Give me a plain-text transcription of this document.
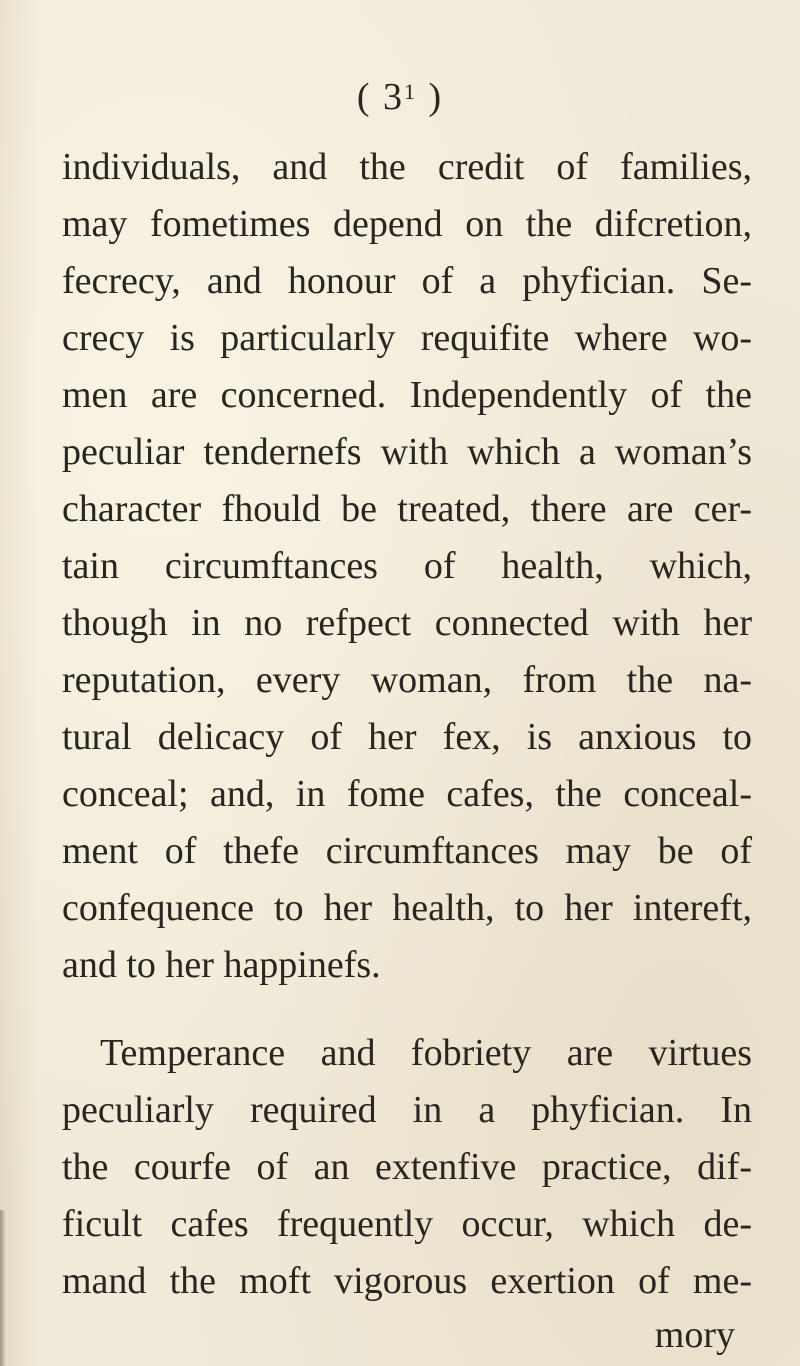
( $3^1$ )
individuals, and the credit of families,
may fometimes depend on the difcretion,
fecrecy, and honour of a phyfician. Se-
crecy is particularly requifite where wo-
men are concerned. Independently of the
peculiar tendernefs with which a woman’s
character fhould be treated, there are cer-
tain circumftances of health, which,
though in no refpect connected with her
reputation, every woman, from the na-
tural delicacy of her fex, is anxious to
conceal; and, in fome cafes, the conceal-
ment of thefe circumftances may be of
confequence to her health, to her intereft,
and to her happinefs.
Temperance and fobriety are virtues
peculiarly required in a phyfician. In
the courfe of an extenfive practice, dif-
ficult cafes frequently occur, which de-
mand the moft vigorous exertion of me-
mory
